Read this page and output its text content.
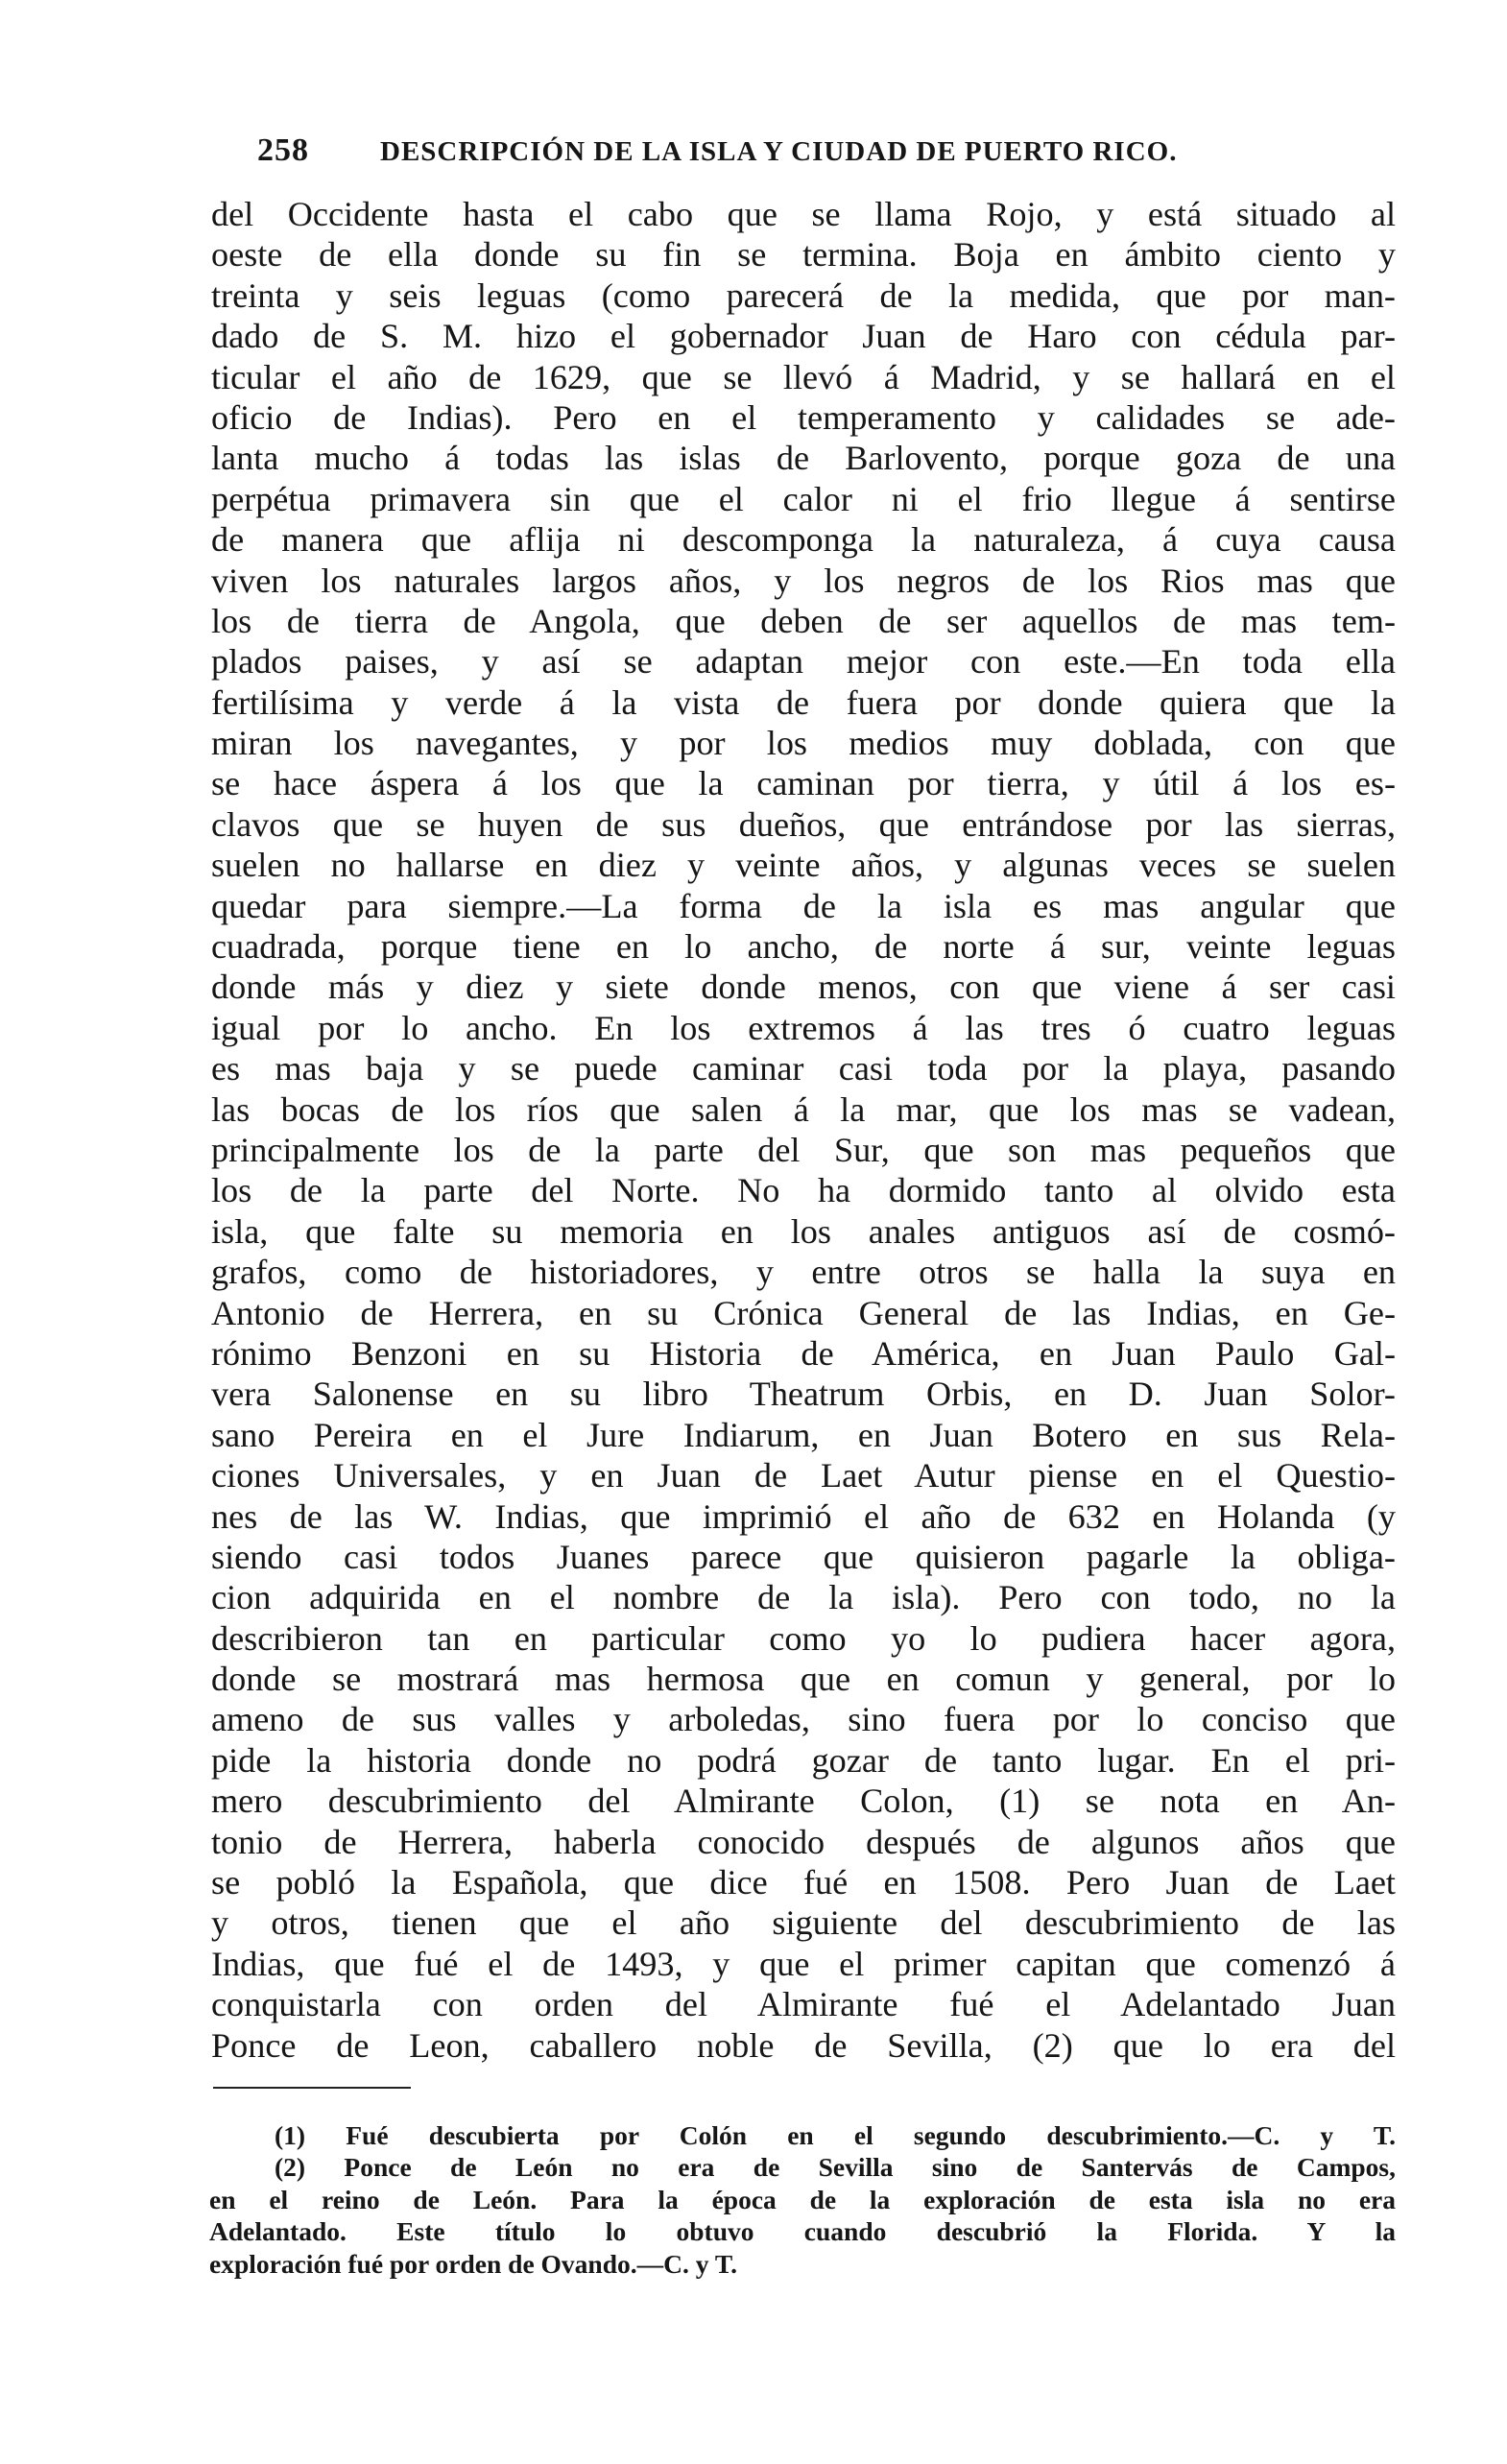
258	DESCRIPCIÓN DE LA ISLA Y CIUDAD DE PUERTO RICO.
del Occidente hasta el cabo que se llama Rojo, y está situado al
oeste de ella donde su fin se termina. Boja en ámbito ciento y
treinta y seis leguas (como parecerá de la medida, que por man-
dado de S. M. hizo el gobernador Juan de Haro con cédula par-
ticular el año de 1629, que se llevó á Madrid, y se hallará en el
oficio de Indias). Pero en el temperamento y calidades se ade-
lanta mucho á todas las islas de Barlovento, porque goza de una
perpétua primavera sin que el calor ni el frio llegue á sentirse
de manera que aflija ni descomponga la naturaleza, á cuya causa
viven los naturales largos años, y los negros de los Rios mas que
los de tierra de Angola, que deben de ser aquellos de mas tem-
plados paises, y así se adaptan mejor con este.—En toda ella
fertilísima y verde á la vista de fuera por donde quiera que la
miran los navegantes, y por los medios muy doblada, con que
se hace áspera á los que la caminan por tierra, y útil á los es-
clavos que se huyen de sus dueños, que entrándose por las sierras,
suelen no hallarse en diez y veinte años, y algunas veces se suelen
quedar para siempre.—La forma de la isla es mas angular que
cuadrada, porque tiene en lo ancho, de norte á sur, veinte leguas
donde más y diez y siete donde menos, con que viene á ser casi
igual por lo ancho. En los extremos á las tres ó cuatro leguas
es mas baja y se puede caminar casi toda por la playa, pasando
las bocas de los ríos que salen á la mar, que los mas se vadean,
principalmente los de la parte del Sur, que son mas pequeños que
los de la parte del Norte. No ha dormido tanto al olvido esta
isla, que falte su memoria en los anales antiguos así de cosmó-
grafos, como de historiadores, y entre otros se halla la suya en
Antonio de Herrera, en su Crónica General de las Indias, en Ge-
rónimo Benzoni en su Historia de América, en Juan Paulo Gal-
vera Salonense en su libro Theatrum Orbis, en D. Juan Solor-
sano Pereira en el Jure Indiarum, en Juan Botero en sus Rela-
ciones Universales, y en Juan de Laet Autur piense en el Questio-
nes de las W. Indias, que imprimió el año de 632 en Holanda (y
siendo casi todos Juanes parece que quisieron pagarle la obliga-
cion adquirida en el nombre de la isla). Pero con todo, no la
describieron tan en particular como yo lo pudiera hacer agora,
donde se mostrará mas hermosa que en comun y general, por lo
ameno de sus valles y arboledas, sino fuera por lo conciso que
pide la historia donde no podrá gozar de tanto lugar. En el pri-
mero descubrimiento del Almirante Colon, (1) se nota en An-
tonio de Herrera, haberla conocido después de algunos años que
se pobló la Española, que dice fué en 1508. Pero Juan de Laet
y otros, tienen que el año siguiente del descubrimiento de las
Indias, que fué el de 1493, y que el primer capitan que comenzó á
conquistarla con orden del Almirante fué el Adelantado Juan
Ponce de Leon, caballero noble de Sevilla, (2) que lo era del
(1) Fué descubierta por Colón en el segundo descubrimiento.—C. y T.
(2) Ponce de León no era de Sevilla sino de Santervás de Campos,
en el reino de León. Para la época de la exploración de esta isla no era
Adelantado. Este título lo obtuvo cuando descubrió la Florida. Y la
exploración fué por orden de Ovando.—C. y T.
